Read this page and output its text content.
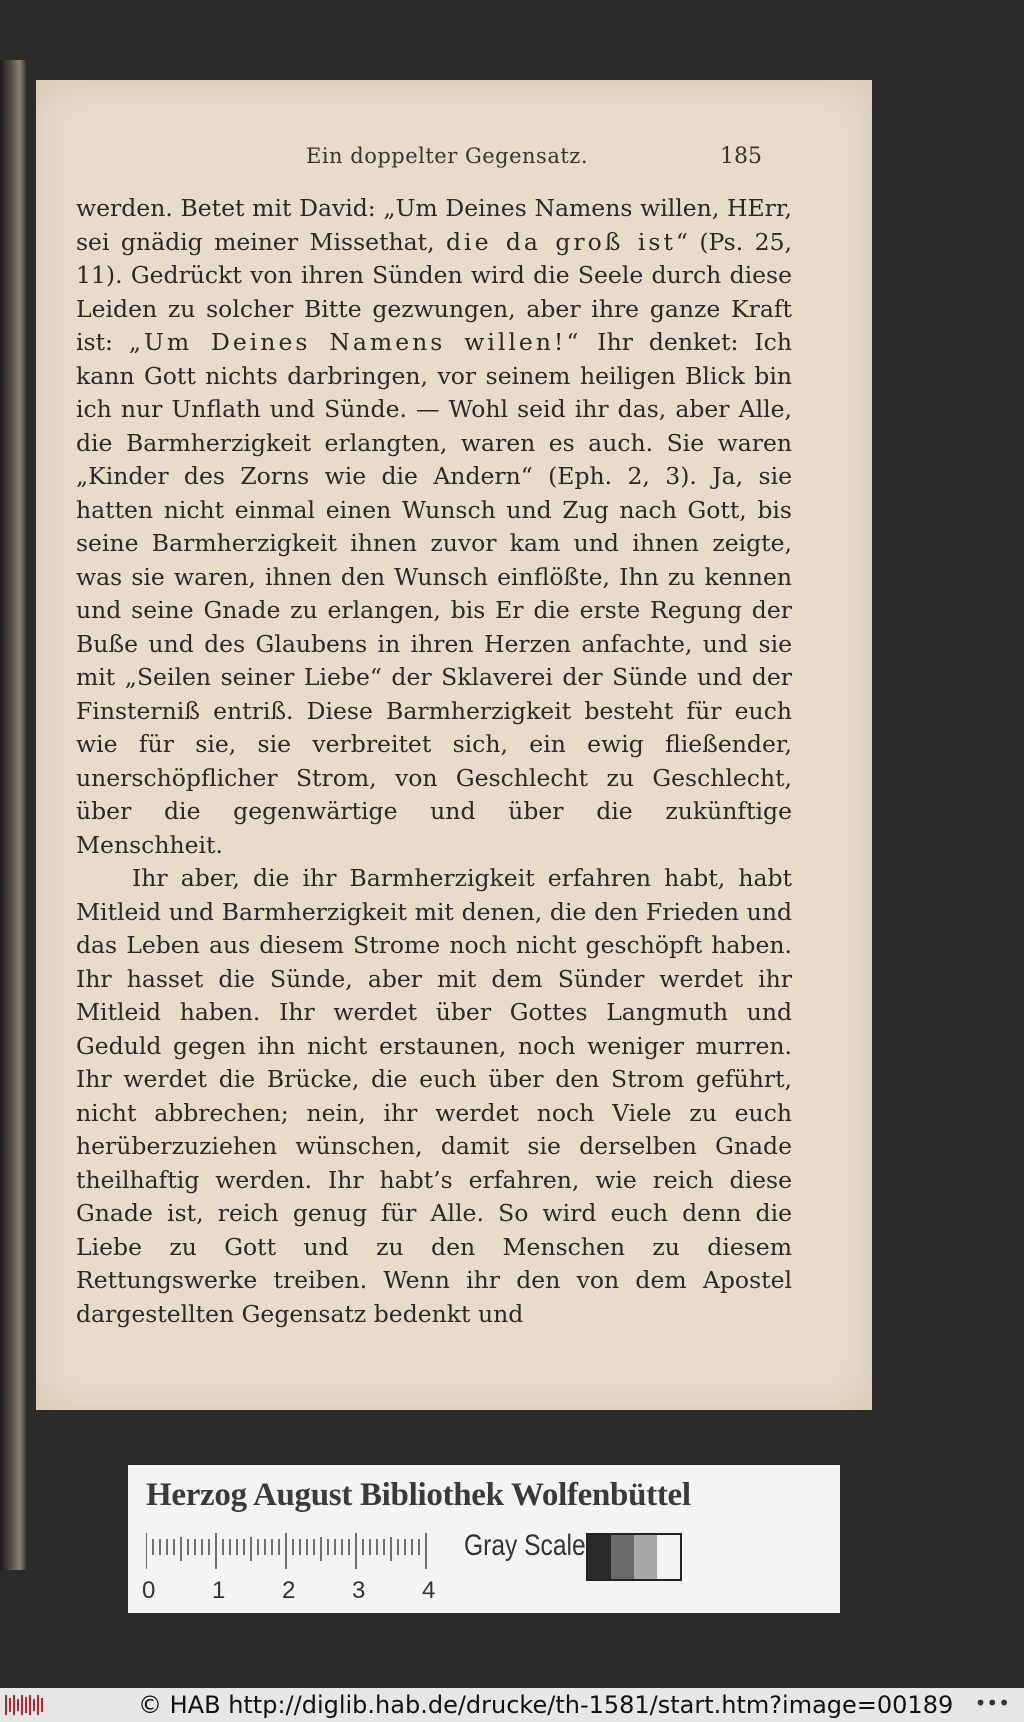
Ein doppelter Gegensatz.	185

werden. Betet mit David: „Um Deines Namens willen, HErr, sei gnädig meiner Missethat, die da groß ist“ (Ps. 25, 11). Gedrückt von ihren Sünden wird die Seele durch diese Leiden zu solcher Bitte gezwungen, aber ihre ganze Kraft ist: „Um Deines Namens willen!“ Ihr denket: Ich kann Gott nichts darbringen, vor seinem heiligen Blick bin ich nur Unflath und Sünde. — Wohl seid ihr das, aber Alle, die Barmherzigkeit erlangten, waren es auch. Sie waren „Kinder des Zorns wie die Andern“ (Eph. 2, 3). Ja, sie hatten nicht einmal einen Wunsch und Zug nach Gott, bis seine Barmherzigkeit ihnen zuvor kam und ihnen zeigte, was sie waren, ihnen den Wunsch einflößte, Ihn zu kennen und seine Gnade zu erlangen, bis Er die erste Regung der Buße und des Glaubens in ihren Herzen anfachte, und sie mit „Seilen seiner Liebe“ der Sklaverei der Sünde und der Finsterniß entriß. Diese Barmherzigkeit besteht für euch wie für sie, sie verbreitet sich, ein ewig fließender, unerschöpflicher Strom, von Geschlecht zu Geschlecht, über die gegenwärtige und über die zukünftige Menschheit.

Ihr aber, die ihr Barmherzigkeit erfahren habt, habt Mitleid und Barmherzigkeit mit denen, die den Frieden und das Leben aus diesem Strome noch nicht geschöpft haben. Ihr hasset die Sünde, aber mit dem Sünder werdet ihr Mitleid haben. Ihr werdet über Gottes Langmuth und Geduld gegen ihn nicht erstaunen, noch weniger murren. Ihr werdet die Brücke, die euch über den Strom geführt, nicht abbrechen; nein, ihr werdet noch Viele zu euch herüberzuziehen wünschen, damit sie derselben Gnade theilhaftig werden. Ihr habt’s erfahren, wie reich diese Gnade ist, reich genug für Alle. So wird euch denn die Liebe zu Gott und zu den Menschen zu diesem Rettungswerke treiben. Wenn ihr den von dem Apostel dargestellten Gegensatz bedenkt und

Herzog August Bibliothek Wolfenbüttel
0 1 2 3 4
Gray Scale
© HAB http://diglib.hab.de/drucke/th-1581/start.htm?image=00189 •••
